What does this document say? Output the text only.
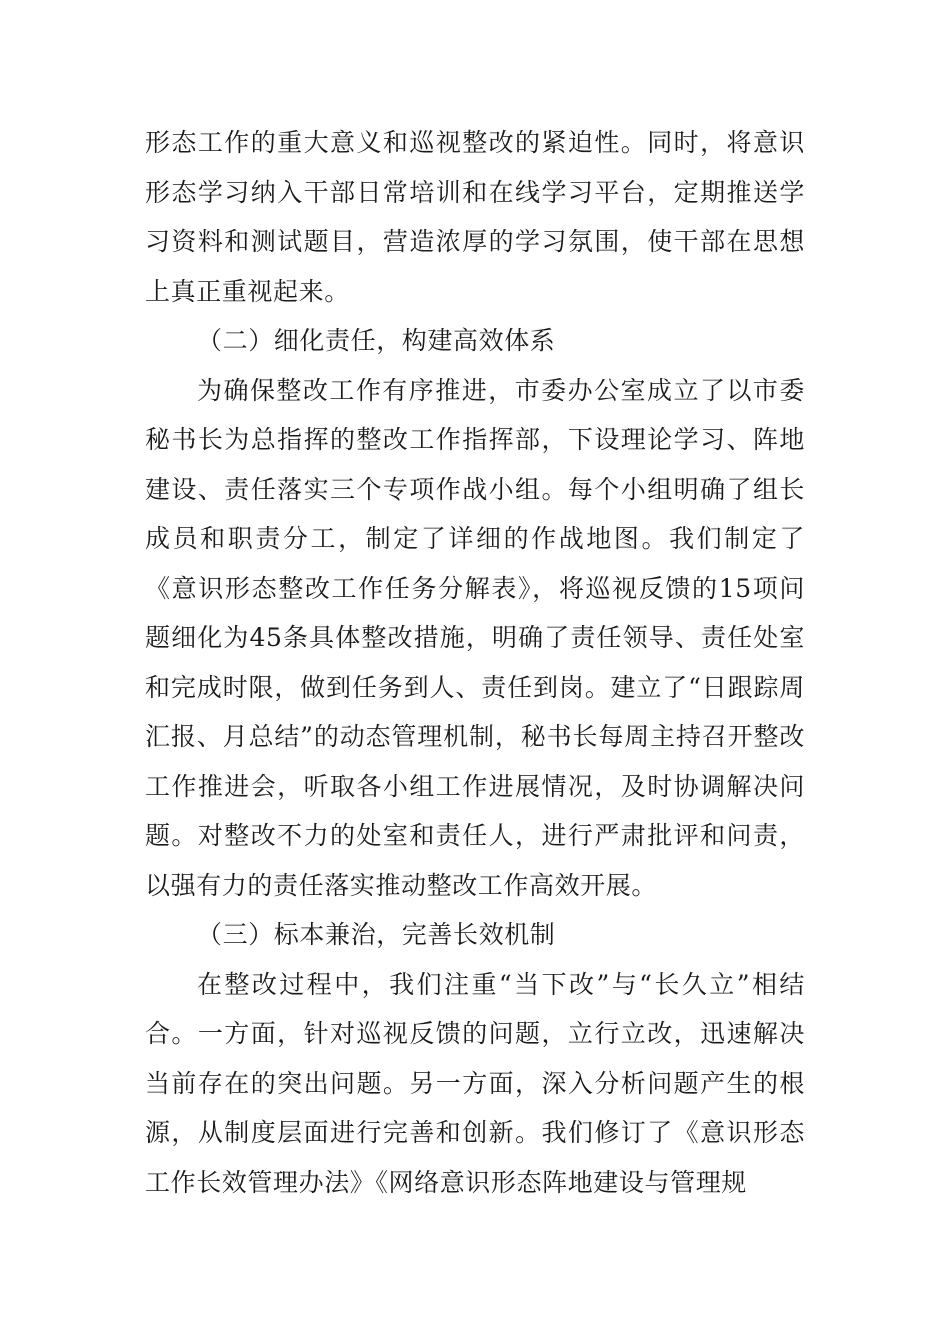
形态工作的重大意义和巡视整改的紧迫性。同时，将意识形态学习纳入干部日常培训和在线学习平台，定期推送学习资料和测试题目，营造浓厚的学习氛围，使干部在思想上真正重视起来。

（二）细化责任，构建高效体系

为确保整改工作有序推进，市委办公室成立了以市委秘书长为总指挥的整改工作指挥部，下设理论学习、阵地建设、责任落实三个专项作战小组。每个小组明确了组长成员和职责分工，制定了详细的作战地图。我们制定了《意识形态整改工作任务分解表》，将巡视反馈的15项问题细化为45条具体整改措施，明确了责任领导、责任处室和完成时限，做到任务到人、责任到岗。建立了“日跟踪周汇报、月总结”的动态管理机制，秘书长每周主持召开整改工作推进会，听取各小组工作进展情况，及时协调解决问题。对整改不力的处室和责任人，进行严肃批评和问责，以强有力的责任落实推动整改工作高效开展。

（三）标本兼治，完善长效机制

在整改过程中，我们注重“当下改”与“长久立”相结合。一方面，针对巡视反馈的问题，立行立改，迅速解决当前存在的突出问题。另一方面，深入分析问题产生的根源，从制度层面进行完善和创新。我们修订了《意识形态工作长效管理办法》《网络意识形态阵地建设与管理规
